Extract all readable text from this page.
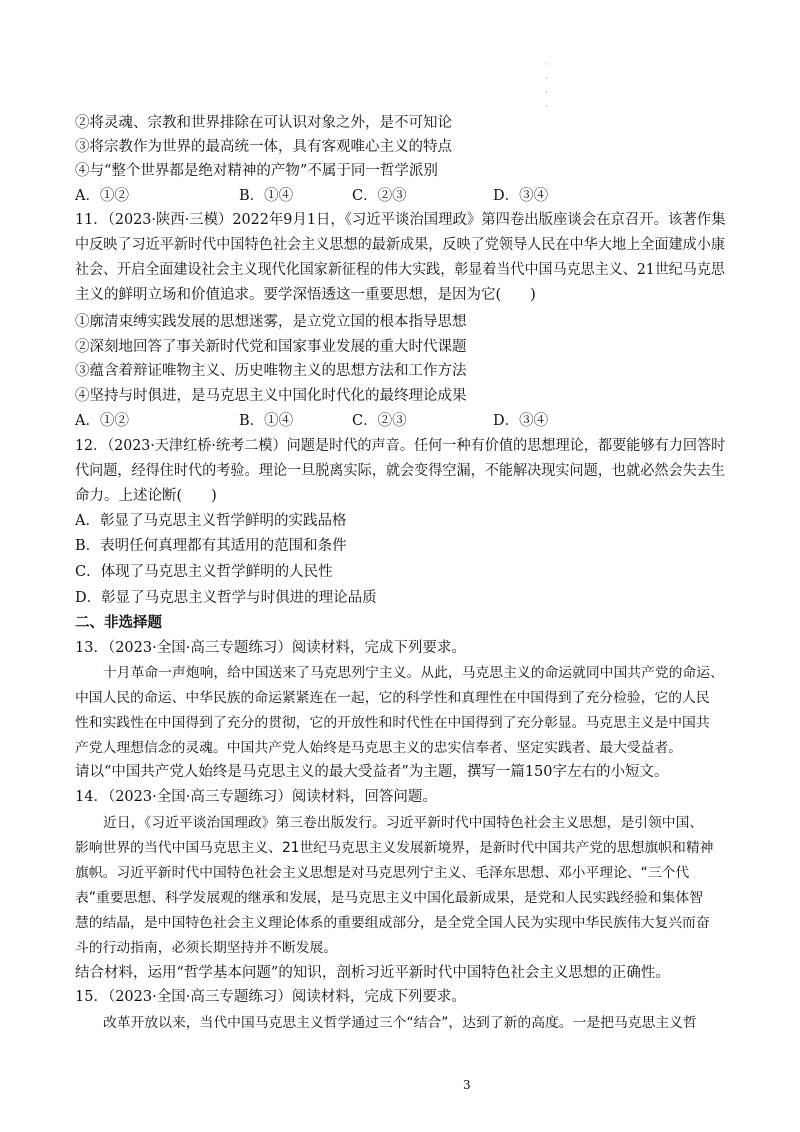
· · · ·
②将灵魂、宗教和世界排除在可认识对象之外，是不可知论
③将宗教作为世界的最高统一体，具有客观唯心主义的特点
④与“整个世界都是绝对精神的产物”不属于同一哲学派别
A．①②	B．①④	C．②③	D．③④
11．（2023·陕西·三模）2022年9月1日，《习近平谈治国理政》第四卷出版座谈会在京召开。该著作集
中反映了习近平新时代中国特色社会主义思想的最新成果，反映了党领导人民在中华大地上全面建成小康
社会、开启全面建设社会主义现代化国家新征程的伟大实践，彰显着当代中国马克思主义、21世纪马克思
主义的鲜明立场和价值追求。要学深悟透这一重要思想，是因为它(　　)
①廓清束缚实践发展的思想迷雾，是立党立国的根本指导思想
②深刻地回答了事关新时代党和国家事业发展的重大时代课题
③蕴含着辩证唯物主义、历史唯物主义的思想方法和工作方法
④坚持与时俱进，是马克思主义中国化时代化的最终理论成果
A．①②	B．①④	C．②③	D．③④
12．（2023·天津红桥·统考二模）问题是时代的声音。任何一种有价值的思想理论，都要能够有力回答时
代问题，经得住时代的考验。理论一旦脱离实际，就会变得空漏，不能解决现实问题，也就必然会失去生
命力。上述论断(　　)
A．彰显了马克思主义哲学鲜明的实践品格
B．表明任何真理都有其适用的范围和条件
C．体现了马克思主义哲学鲜明的人民性
D．彰显了马克思主义哲学与时俱进的理论品质
二、非选择题
13．（2023·全国·高三专题练习）阅读材料，完成下列要求。
十月革命一声炮响，给中国送来了马克思列宁主义。从此，马克思主义的命运就同中国共产党的命运、
中国人民的命运、中华民族的命运紧紧连在一起，它的科学性和真理性在中国得到了充分检验，它的人民
性和实践性在中国得到了充分的贯彻，它的开放性和时代性在中国得到了充分彰显。马克思主义是中国共
产党人理想信念的灵魂。中国共产党人始终是马克思主义的忠实信奉者、坚定实践者、最大受益者。
请以“中国共产党人始终是马克思主义的最大受益者”为主题，撰写一篇150字左右的小短文。
14．（2023·全国·高三专题练习）阅读材料，回答问题。
近日，《习近平谈治国理政》第三卷出版发行。习近平新时代中国特色社会主义思想，是引领中国、
影响世界的当代中国马克思主义、21世纪马克思主义发展新境界，是新时代中国共产党的思想旗帜和精神
旗帜。习近平新时代中国特色社会主义思想是对马克思列宁主义、毛泽东思想、邓小平理论、“三个代
表”重要思想、科学发展观的继承和发展，是马克思主义中国化最新成果，是党和人民实践经验和集体智
慧的结晶，是中国特色社会主义理论体系的重要组成部分，是全党全国人民为实现中华民族伟大复兴而奋
斗的行动指南，必须长期坚持并不断发展。
结合材料，运用“哲学基本问题”的知识，剖析习近平新时代中国特色社会主义思想的正确性。
15．（2023·全国·高三专题练习）阅读材料，完成下列要求。
改革开放以来，当代中国马克思主义哲学通过三个“结合”，达到了新的高度。一是把马克思主义哲
3
